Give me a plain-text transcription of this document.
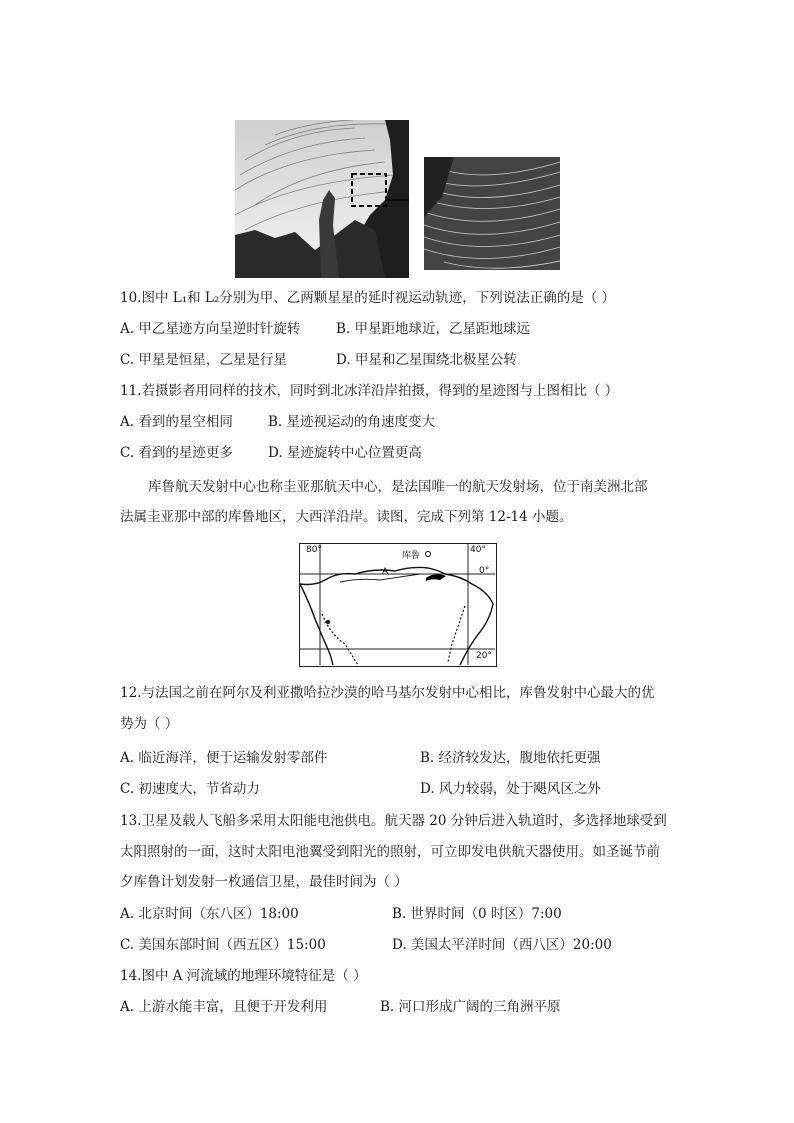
10.图中 L₁和 L₂分别为甲、乙两颗星星的延时视运动轨迹，下列说法正确的是（ ）
A. 甲乙星迹方向呈逆时针旋转	B. 甲星距地球近，乙星距地球远
C. 甲星是恒星，乙星是行星	D. 甲星和乙星围绕北极星公转
11.若摄影者用同样的技术，同时到北冰洋沿岸拍摄，得到的星迹图与上图相比（ ）
A. 看到的星空相同	B. 星迹视运动的角速度变大
C. 看到的星迹更多	D. 星迹旋转中心位置更高
库鲁航天发射中心也称圭亚那航天中心，是法国唯一的航天发射场，位于南美洲北部
法属圭亚那中部的库鲁地区，大西洋沿岸。读图，完成下列第 12-14 小题。
80°
库鲁
40°
0°
A
20°
12.与法国之前在阿尔及利亚撒哈拉沙漠的哈马基尔发射中心相比，库鲁发射中心最大的优
势为（ ）
A. 临近海洋，便于运输发射零部件	B. 经济较发达，腹地依托更强
C. 初速度大，节省动力	D. 风力较弱，处于飓风区之外
13.卫星及载人飞船多采用太阳能电池供电。航天器 20 分钟后进入轨道时，多选择地球受到
太阳照射的一面，这时太阳电池翼受到阳光的照射，可立即发电供航天器使用。如圣诞节前
夕库鲁计划发射一枚通信卫星，最佳时间为（ ）
A. 北京时间（东八区）18:00	B. 世界时间（0 时区）7:00
C. 美国东部时间（西五区）15:00	D. 美国太平洋时间（西八区）20:00
14.图中 A 河流域的地理环境特征是（ ）
A. 上游水能丰富，且便于开发利用	B. 河口形成广阔的三角洲平原
